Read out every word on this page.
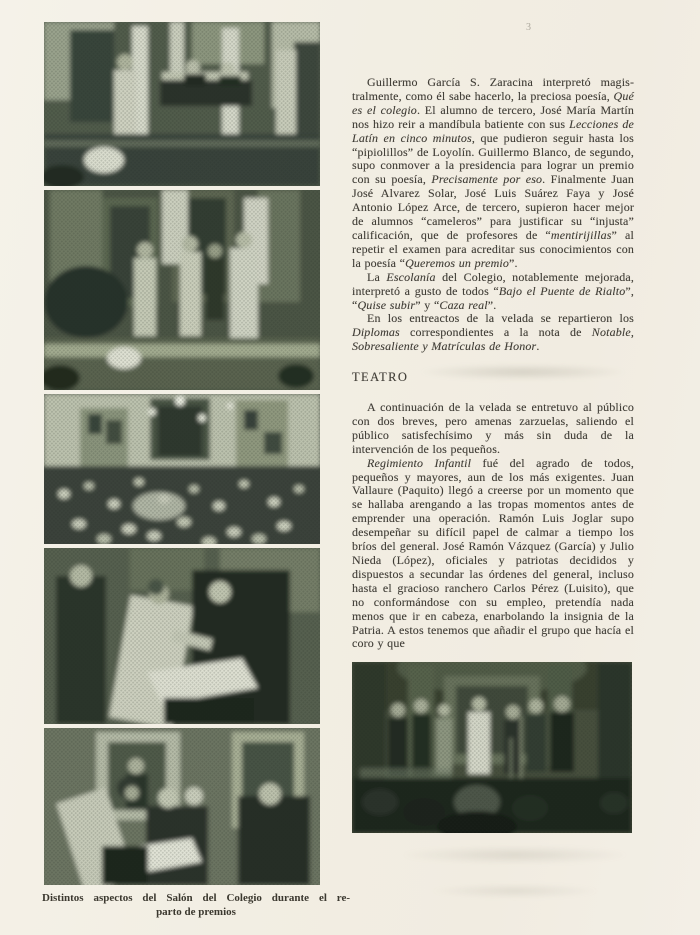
3
Distintos aspectos del Salón del Colegio durante el re-
parto de premios

Guillermo García S. Zaracina interpretó magistralmente, como él sabe hacerlo, la preciosa poesía, Qué es el colegio. El alumno de tercero, José María Martín nos hizo reir a mandíbula batiente con sus Lecciones de Latín en cinco minutos, que pudieron seguir hasta los “pipiolillos” de Loyolín. Guillermo Blanco, de segundo, supo conmover a la presidencia para lograr un premio con su poesía, Precisamente por eso. Finalmente Juan José Alvarez Solar, José Luis Suárez Faya y José Antonio López Arce, de tercero, supieron hacer mejor de alumnos “cameleros” para justificar su “injusta” calificación, que de profesores de “mentirijillas” al repetir el examen para acreditar sus conocimientos con la poesía “Queremos un premio”.

La Escolanía del Colegio, notablemente mejorada, interpretó a gusto de todos “Bajo el Puente de Rialto”, “Quise subir” y “Caza real”.

En los entreactos de la velada se repartieron los Diplomas correspondientes a la nota de Notable, Sobresaliente y Matrículas de Honor.

TEATRO

A continuación de la velada se entretuvo al público con dos breves, pero amenas zarzuelas, saliendo el público satisfechísimo y más sin duda de la intervención de los pequeños.

Regimiento Infantil fué del agrado de todos, pequeños y mayores, aun de los más exigentes. Juan Vallaure (Paquito) llegó a creerse por un momento que se hallaba arengando a las tropas momentos antes de emprender una operación. Ramón Luis Joglar supo desempeñar su difícil papel de calmar a tiempo los bríos del general. José Ramón Vázquez (García) y Julio Nieda (López), oficiales y patriotas decididos y dispuestos a secundar las órdenes del general, incluso hasta el gracioso ranchero Carlos Pérez (Luisito), que no conformándose con su empleo, pretendía nada menos que ir en cabeza, enarbolando la insignia de la Patria. A estos tenemos que añadir el grupo que hacía el coro y que
